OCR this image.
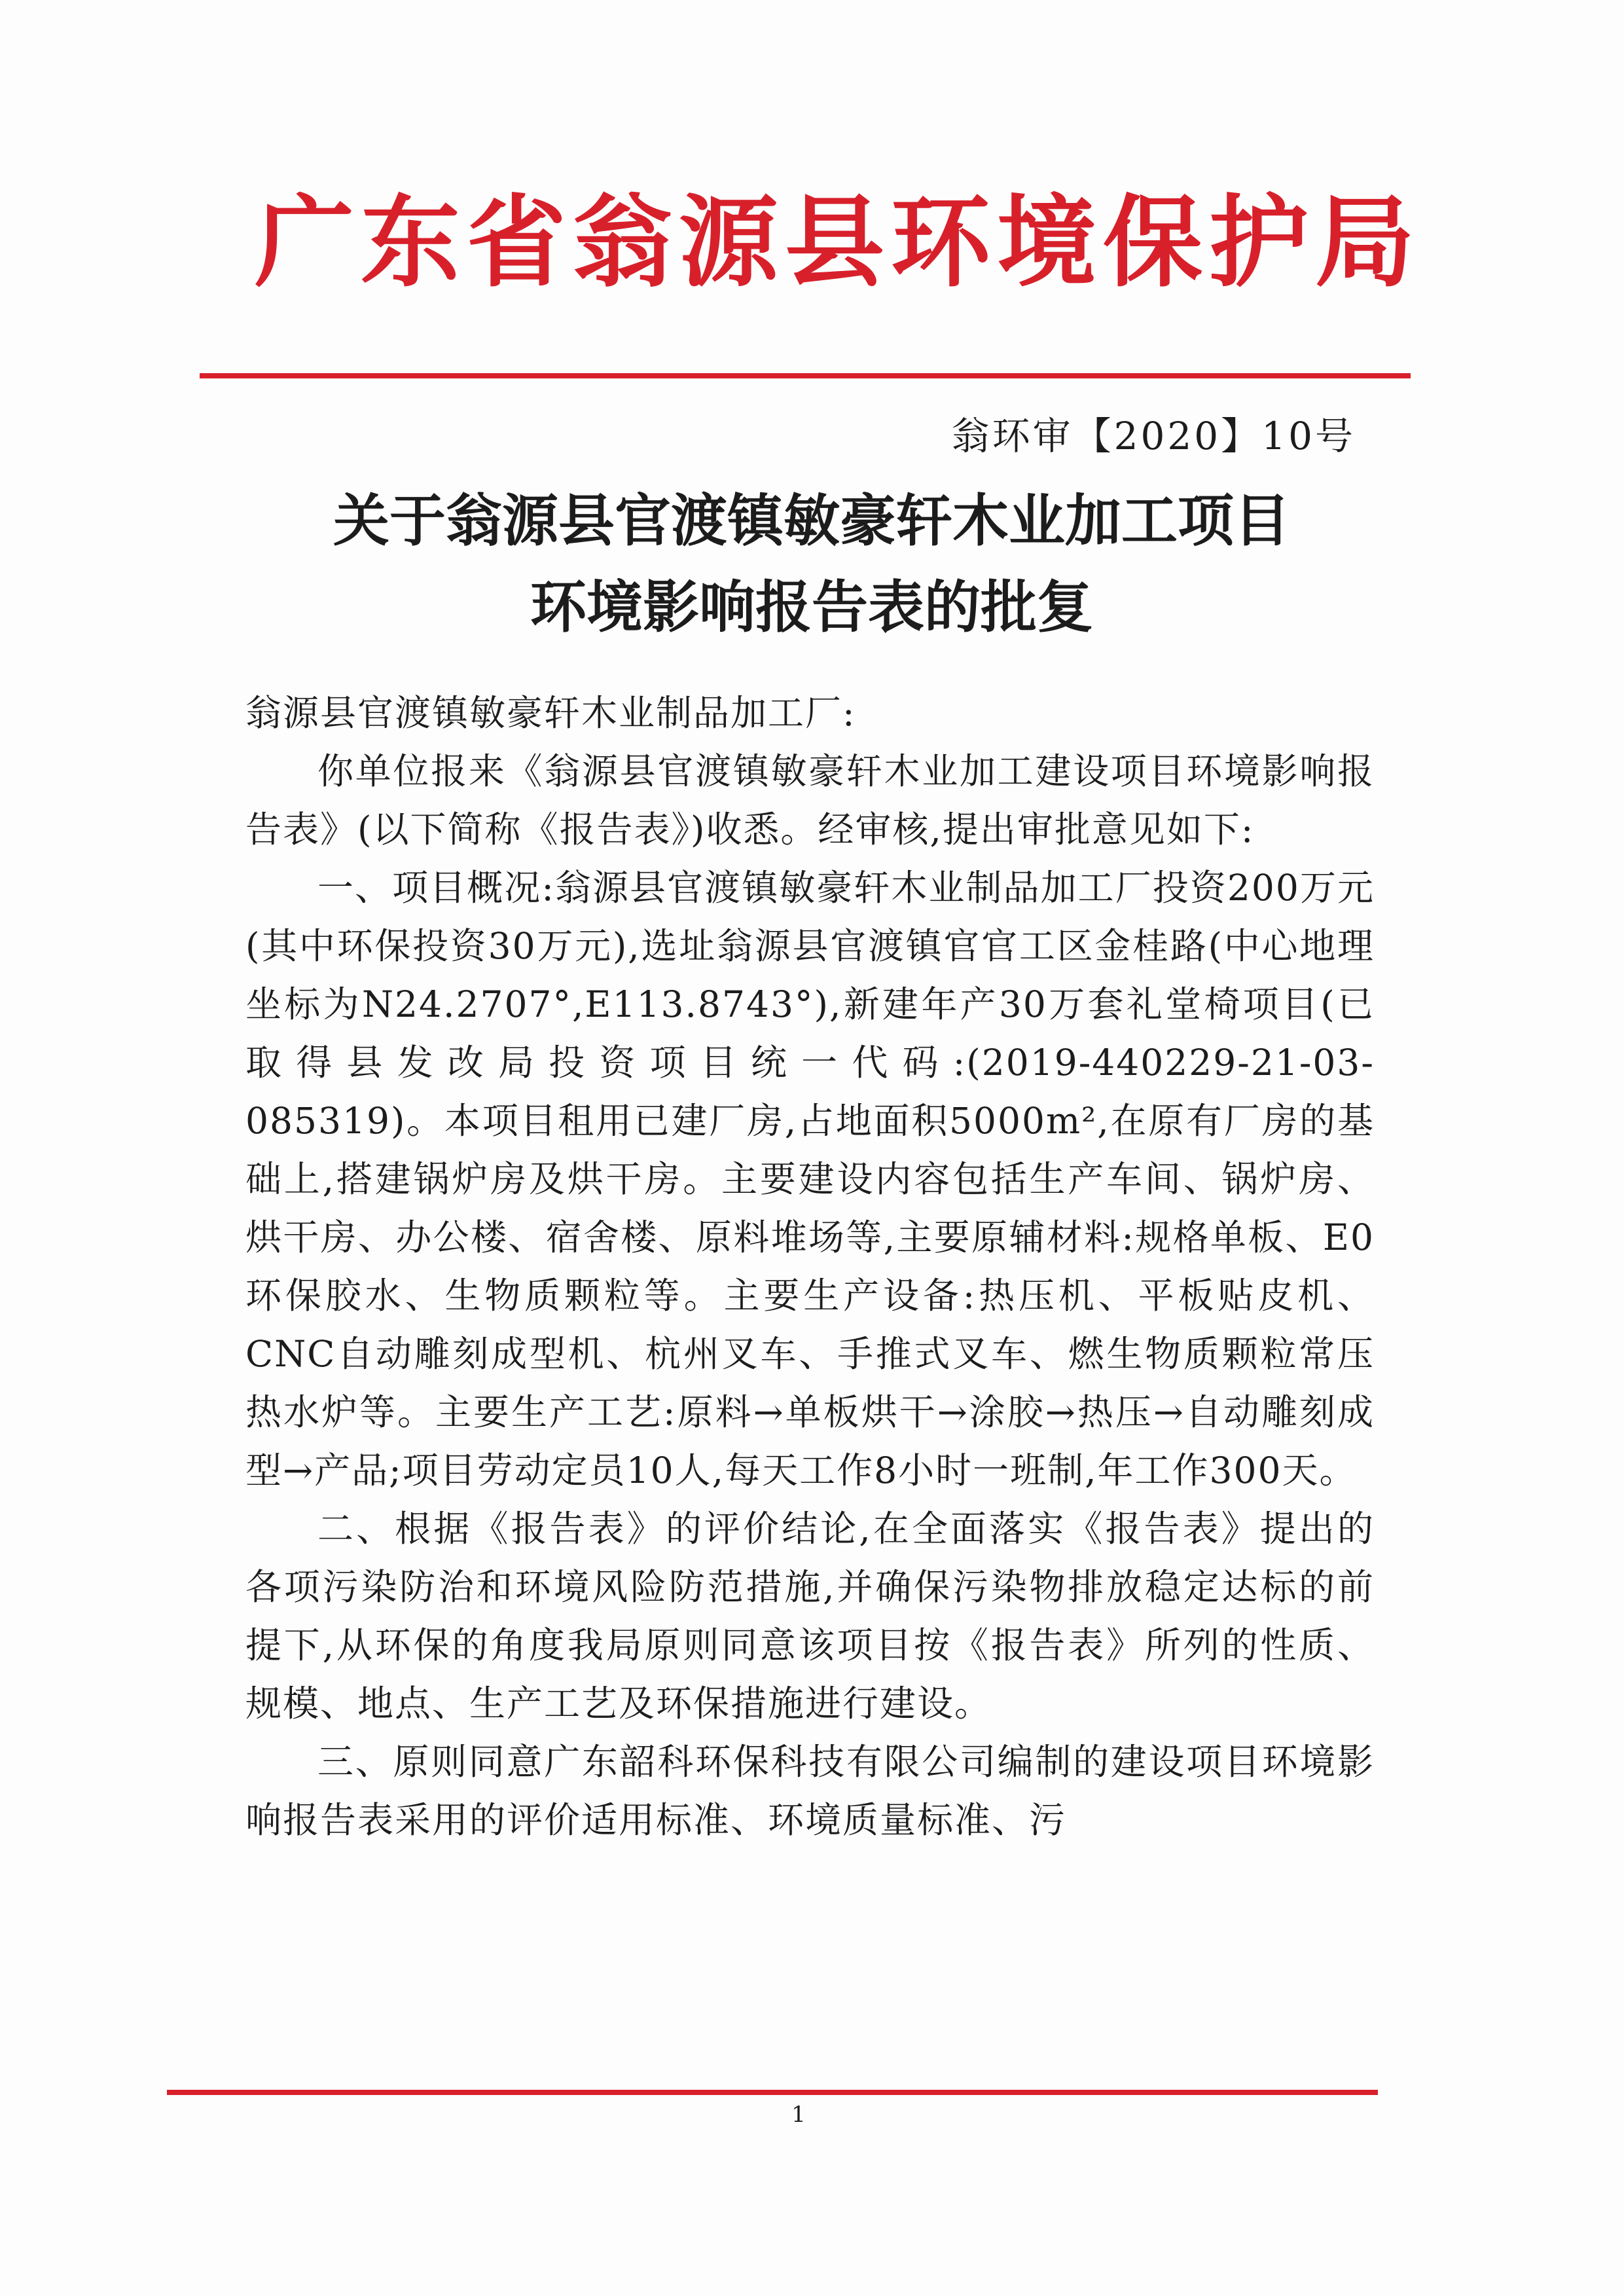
广东省翁源县环境保护局
翁环审【2020】10号
关于翁源县官渡镇敏豪轩木业加工项目
环境影响报告表的批复

翁源县官渡镇敏豪轩木业制品加工厂:

你单位报来《翁源县官渡镇敏豪轩木业加工建设项目环境影响报告表》(以下简称《报告表》)收悉。经审核,提出审批意见如下:

一、项目概况:翁源县官渡镇敏豪轩木业制品加工厂投资200万元(其中环保投资30万元),选址翁源县官渡镇官官工区金桂路(中心地理坐标为N24.2707°,E113.8743°),新建年产30万套礼堂椅项目(已取得县发改局投资项目统一代码:(2019-440229-21-03-085319)。本项目租用已建厂房,占地面积5000m²,在原有厂房的基础上,搭建锅炉房及烘干房。主要建设内容包括生产车间、锅炉房、烘干房、办公楼、宿舍楼、原料堆场等,主要原辅材料:规格单板、E0环保胶水、生物质颗粒等。主要生产设备:热压机、平板贴皮机、CNC自动雕刻成型机、杭州叉车、手推式叉车、燃生物质颗粒常压热水炉等。主要生产工艺:原料→单板烘干→涂胶→热压→自动雕刻成型→产品;项目劳动定员10人,每天工作8小时一班制,年工作300天。

二、根据《报告表》的评价结论,在全面落实《报告表》提出的各项污染防治和环境风险防范措施,并确保污染物排放稳定达标的前提下,从环保的角度我局原则同意该项目按《报告表》所列的性质、规模、地点、生产工艺及环保措施进行建设。

三、原则同意广东韶科环保科技有限公司编制的建设项目环境影响报告表采用的评价适用标准、环境质量标准、污

1
